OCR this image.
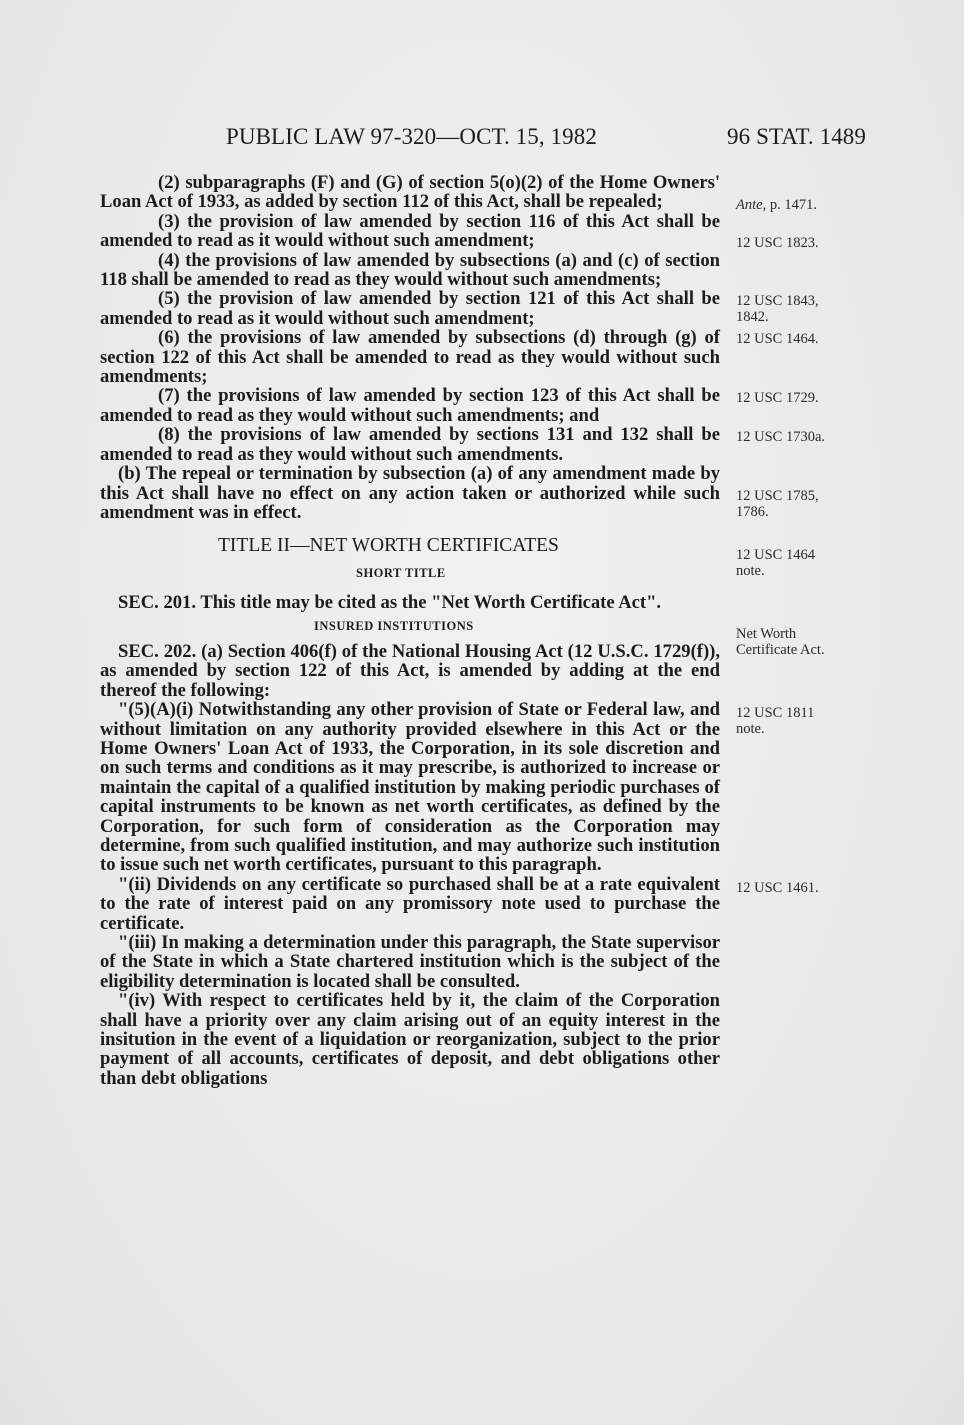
PUBLIC LAW 97-320—OCT. 15, 1982	96 STAT. 1489

(2) subparagraphs (F) and (G) of section 5(o)(2) of the Home Owners' Loan Act of 1933, as added by section 112 of this Act, shall be repealed;

(3) the provision of law amended by section 116 of this Act shall be amended to read as it would without such amendment;

(4) the provisions of law amended by subsections (a) and (c) of section 118 shall be amended to read as they would without such amendments;

(5) the provision of law amended by section 121 of this Act shall be amended to read as it would without such amendment;

(6) the provisions of law amended by subsections (d) through (g) of section 122 of this Act shall be amended to read as they would without such amendments;

(7) the provisions of law amended by section 123 of this Act shall be amended to read as they would without such amendments; and

(8) the provisions of law amended by sections 131 and 132 shall be amended to read as they would without such amendments.

(b) The repeal or termination by subsection (a) of any amendment made by this Act shall have no effect on any action taken or authorized while such amendment was in effect.

TITLE II—NET WORTH CERTIFICATES

SHORT TITLE

SEC. 201. This title may be cited as the "Net Worth Certificate Act".

INSURED INSTITUTIONS

SEC. 202. (a) Section 406(f) of the National Housing Act (12 U.S.C. 1729(f)), as amended by section 122 of this Act, is amended by adding at the end thereof the following:

"(5)(A)(i) Notwithstanding any other provision of State or Federal law, and without limitation on any authority provided elsewhere in this Act or the Home Owners' Loan Act of 1933, the Corporation, in its sole discretion and on such terms and conditions as it may prescribe, is authorized to increase or maintain the capital of a qualified institution by making periodic purchases of capital instruments to be known as net worth certificates, as defined by the Corporation, for such form of consideration as the Corporation may determine, from such qualified institution, and may authorize such institution to issue such net worth certificates, pursuant to this paragraph.

"(ii) Dividends on any certificate so purchased shall be at a rate equivalent to the rate of interest paid on any promissory note used to purchase the certificate.

"(iii) In making a determination under this paragraph, the State supervisor of the State in which a State chartered institution which is the subject of the eligibility determination is located shall be consulted.

"(iv) With respect to certificates held by it, the claim of the Corporation shall have a priority over any claim arising out of an equity interest in the insitution in the event of a liquidation or reorganization, subject to the prior payment of all accounts, certificates of deposit, and debt obligations other than debt obligations

Ante, p. 1471.
12 USC 1823.
12 USC 1843,
1842.
12 USC 1464.
12 USC 1729.
12 USC 1730a.
12 USC 1785,
1786.
12 USC 1464
note.
Net Worth
Certificate Act.
12 USC 1811
note.
12 USC 1461.
